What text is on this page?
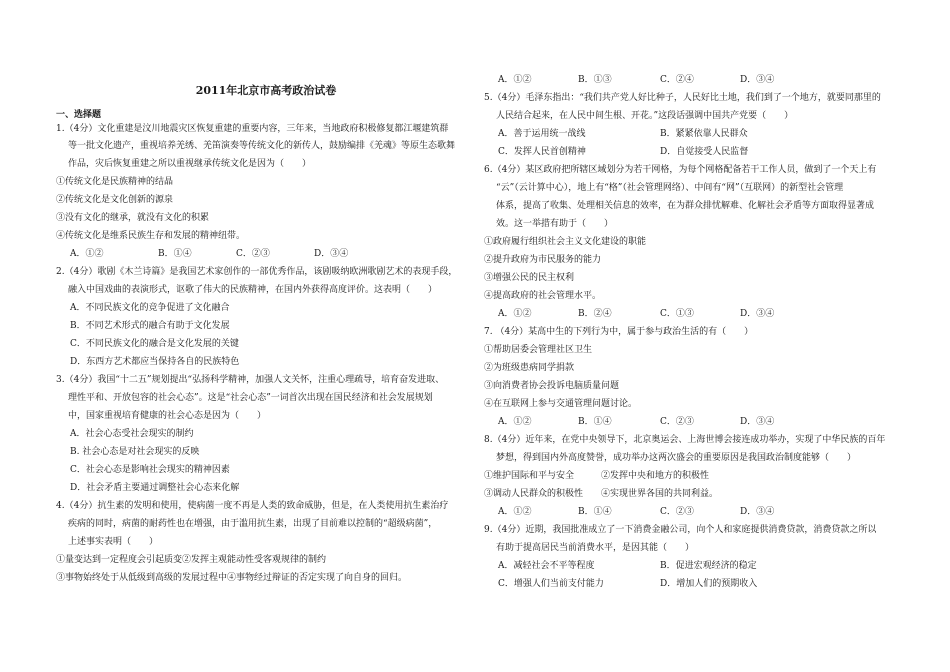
2011年北京市高考政治试卷
一、选择题
1.（4分）文化重建是汶川地震灾区恢复重建的重要内容，三年来，当地政府积极修复都江堰建筑群
等一批文化遗产，重视培养羌绣、羌笛演奏等传统文化的新传人，鼓励编排《羌魂》等原生态歌舞
作品，灾后恢复重建之所以重视继承传统文化是因为（　　）
①传统文化是民族精神的结晶
②传统文化是文化创新的源泉
③没有文化的继承，就没有文化的积累
④传统文化是维系民族生存和发展的精神纽带。
A．①②	B．①④	C．②③	D．③④
2.（4分）歌剧《木兰诗篇》是我国艺术家创作的一部优秀作品，该剧吸纳欧洲歌剧艺术的表现手段，
融入中国戏曲的表演形式，讴歌了伟大的民族精神，在国内外获得高度评价。这表明（　　）
A．不同民族文化的竞争促进了文化融合
B．不同艺术形式的融合有助于文化发展
C．不同民族文化的融合是文化发展的关键
D．东西方艺术都应当保持各自的民族特色
3.（4分）我国“十二五”规划提出“弘扬科学精神，加强人文关怀，注重心理疏导，培育奋发进取、
理性平和、开放包容的社会心态”。这是“社会心态”一词首次出现在国民经济和社会发展规划
中，国家重视培育健康的社会心态是因为（　　）
A．社会心态受社会现实的制约
B. 社会心态是对社会现实的反映
C．社会心态是影响社会现实的精神因素
D．社会矛盾主要通过调整社会心态来化解
4.（4分）抗生素的发明和使用，使病菌一度不再是人类的致命威胁，但是，在人类使用抗生素治疗
疾病的同时，病菌的耐药性也在增强，由于滥用抗生素，出现了目前难以控制的“超级病菌”，
上述事实表明（　　）
①量变达到一定程度会引起质变②发挥主观能动性受客观规律的制约
③事物始终处于从低级到高级的发展过程中④事物经过辩证的否定实现了向自身的回归。
A．①②	B．①③	C．②④	D．③④
5.（4分）毛泽东指出：“我们共产党人好比种子，人民好比土地，我们到了一个地方，就要同那里的
人民结合起来，在人民中间生根、开花。”这段话强调中国共产党要（　　）
A．善于运用统一战线	B．紧紧依靠人民群众
C．发挥人民首创精神	D．自觉接受人民监督
6.（4分）某区政府把所辖区域划分为若干网格，为每个网格配备若干工作人员，做到了一个天上有
“云”（云计算中心），地上有“格”（社会管理网络）、中间有“网”（互联网）的新型社会管理
体系，提高了收集、处理相关信息的效率，在为群众排忧解难、化解社会矛盾等方面取得显著成
效。这一举措有助于（　　）
①政府履行组织社会主义文化建设的职能
②提升政府为市民服务的能力
③增强公民的民主权利
④提高政府的社会管理水平。
A．①②	B．②④	C．①③	D．③④
7. （4分）某高中生的下列行为中，属于参与政治生活的有（　　）
①帮助居委会管理社区卫生
②为班级患病同学捐款
③向消费者协会投诉电脑质量问题
④在互联网上参与交通管理问题讨论。
A．①②	B．①④	C．②③	D．③④
8.（4分）近年来，在党中央领导下，北京奥运会、上海世博会接连成功举办，实现了中华民族的百年
梦想，得到国内外高度赞誉，成功举办这两次盛会的重要原因是我国政治制度能够（　　）
①维护国际和平与安全　　　②发挥中央和地方的积极性
③调动人民群众的积极性　　④实现世界各国的共同利益。
A．①②	B．①④	C．②③	D．③④
9.（4分）近期，我国批准成立了一下消费金融公司，向个人和家庭提供消费贷款，消费贷款之所以
有助于提高居民当前消费水平，是因其能（　　）
A．减轻社会不平等程度	B．促进宏观经济的稳定
C．增强人们当前支付能力	D．增加人们的预期收入
